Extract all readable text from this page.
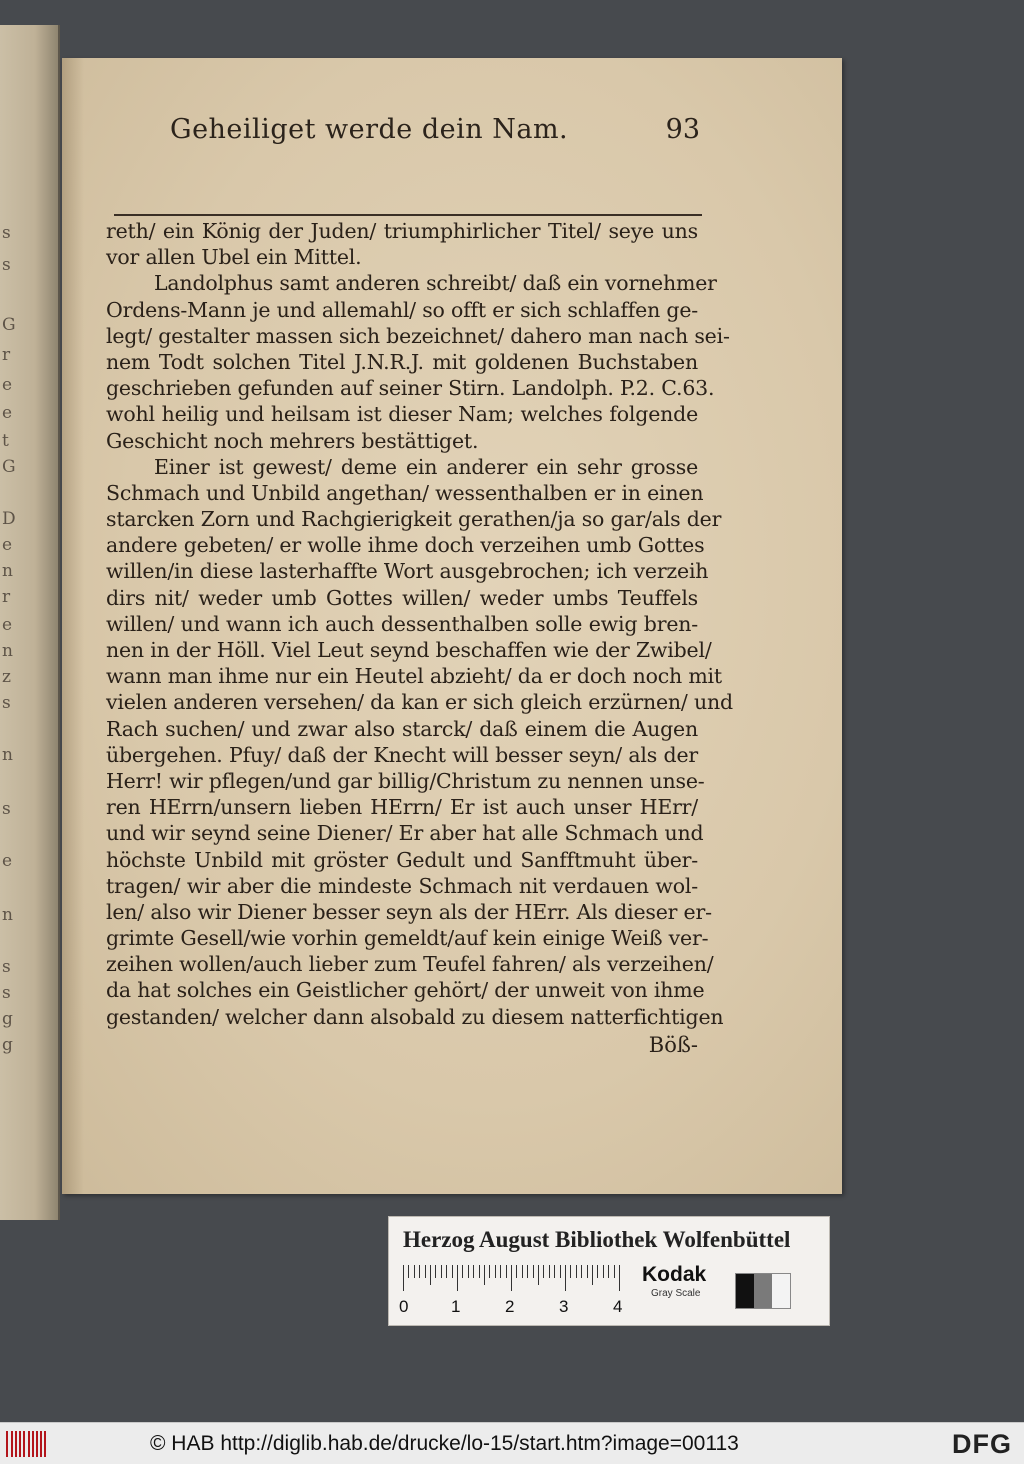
s
s
G
r
e
e
t
G
D
e
n
r
e
n
z
s
n
s
e
n
s
s
g
g
Geheiliget werde dein Nam.	93
reth/ ein König der Juden/ triumphirlicher Titel/ seye uns
vor allen Ubel ein Mittel.
Landolphus samt anderen schreibt/ daß ein vornehmer
Ordens-Mann je und allemahl/ so offt er sich schlaffen ge-
legt/ gestalter massen sich bezeichnet/ dahero man nach sei-
nem Todt solchen Titel J.N.R.J. mit goldenen Buchstaben
geschrieben gefunden auf seiner Stirn. Landolph. P.2. C.63.
wohl heilig und heilsam ist dieser Nam; welches folgende
Geschicht noch mehrers bestättiget.
Einer ist gewest/ deme ein anderer ein sehr grosse
Schmach und Unbild angethan/ wessenthalben er in einen
starcken Zorn und Rachgierigkeit gerathen/ja so gar/als der
andere gebeten/ er wolle ihme doch verzeihen umb Gottes
willen/in diese lasterhaffte Wort ausgebrochen; ich verzeih
dirs nit/ weder umb Gottes willen/ weder umbs Teuffels
willen/ und wann ich auch dessenthalben solle ewig bren-
nen in der Höll. Viel Leut seynd beschaffen wie der Zwibel/
wann man ihme nur ein Heutel abzieht/ da er doch noch mit
vielen anderen versehen/ da kan er sich gleich erzürnen/ und
Rach suchen/ und zwar also starck/ daß einem die Augen
übergehen. Pfuy/ daß der Knecht will besser seyn/ als der
Herr! wir pflegen/und gar billig/Christum zu nennen unse-
ren HErrn/unsern lieben HErrn/ Er ist auch unser HErr/
und wir seynd seine Diener/ Er aber hat alle Schmach und
höchste Unbild mit gröster Gedult und Sanfftmuht über-
tragen/ wir aber die mindeste Schmach nit verdauen wol-
len/ also wir Diener besser seyn als der HErr. Als dieser er-
grimte Gesell/wie vorhin gemeldt/auf kein einige Weiß ver-
zeihen wollen/auch lieber zum Teufel fahren/ als verzeihen/
da hat solches ein Geistlicher gehört/ der unweit von ihme
gestanden/ welcher dann alsobald zu diesem natterfichtigen
Böß-
Herzog August Bibliothek Wolfenbüttel
0	1	2	3	4
Kodak
Gray Scale
© HAB http://diglib.hab.de/drucke/lo-15/start.htm?image=00113	DFG
